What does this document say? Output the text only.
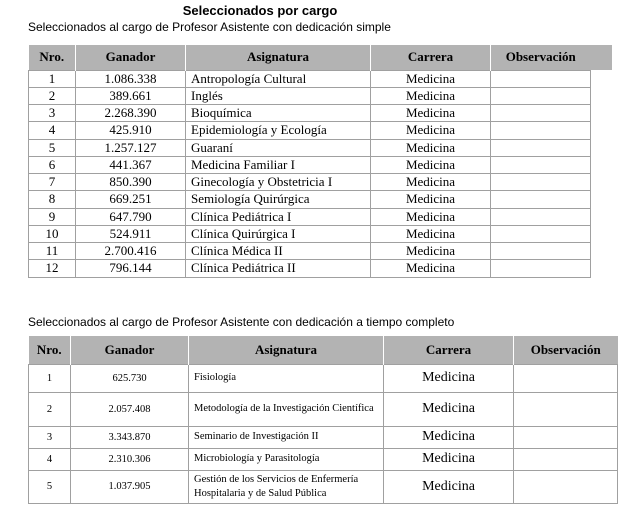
Seleccionados por cargo
Seleccionados al cargo de Profesor Asistente con dedicación simple
Nro.	Ganador	Asignatura	Carrera	Observación
1	1.086.338	Antropología Cultural	Medicina	
2	389.661	Inglés	Medicina	
3	2.268.390	Bioquímica	Medicina	
4	425.910	Epidemiología y Ecología	Medicina	
5	1.257.127	Guaraní	Medicina	
6	441.367	Medicina Familiar I	Medicina	
7	850.390	Ginecología y Obstetricia I	Medicina	
8	669.251	Semiología Quirúrgica	Medicina	
9	647.790	Clínica Pediátrica I	Medicina	
10	524.911	Clínica Quirúrgica I	Medicina	
11	2.700.416	Clínica Médica II	Medicina	
12	796.144	Clínica Pediátrica II	Medicina	
Seleccionados al cargo de Profesor Asistente con dedicación a tiempo completo
Nro.	Ganador	Asignatura	Carrera	Observación
1	625.730	Fisiología	Medicina	
2	2.057.408	Metodología de la Investigación Científica	Medicina	
3	3.343.870	Seminario de Investigación II	Medicina	
4	2.310.306	Microbiología y Parasitología	Medicina	
5	1.037.905	Gestión de los Servicios de Enfermería Hospitalaria y de Salud Pública	Medicina	
